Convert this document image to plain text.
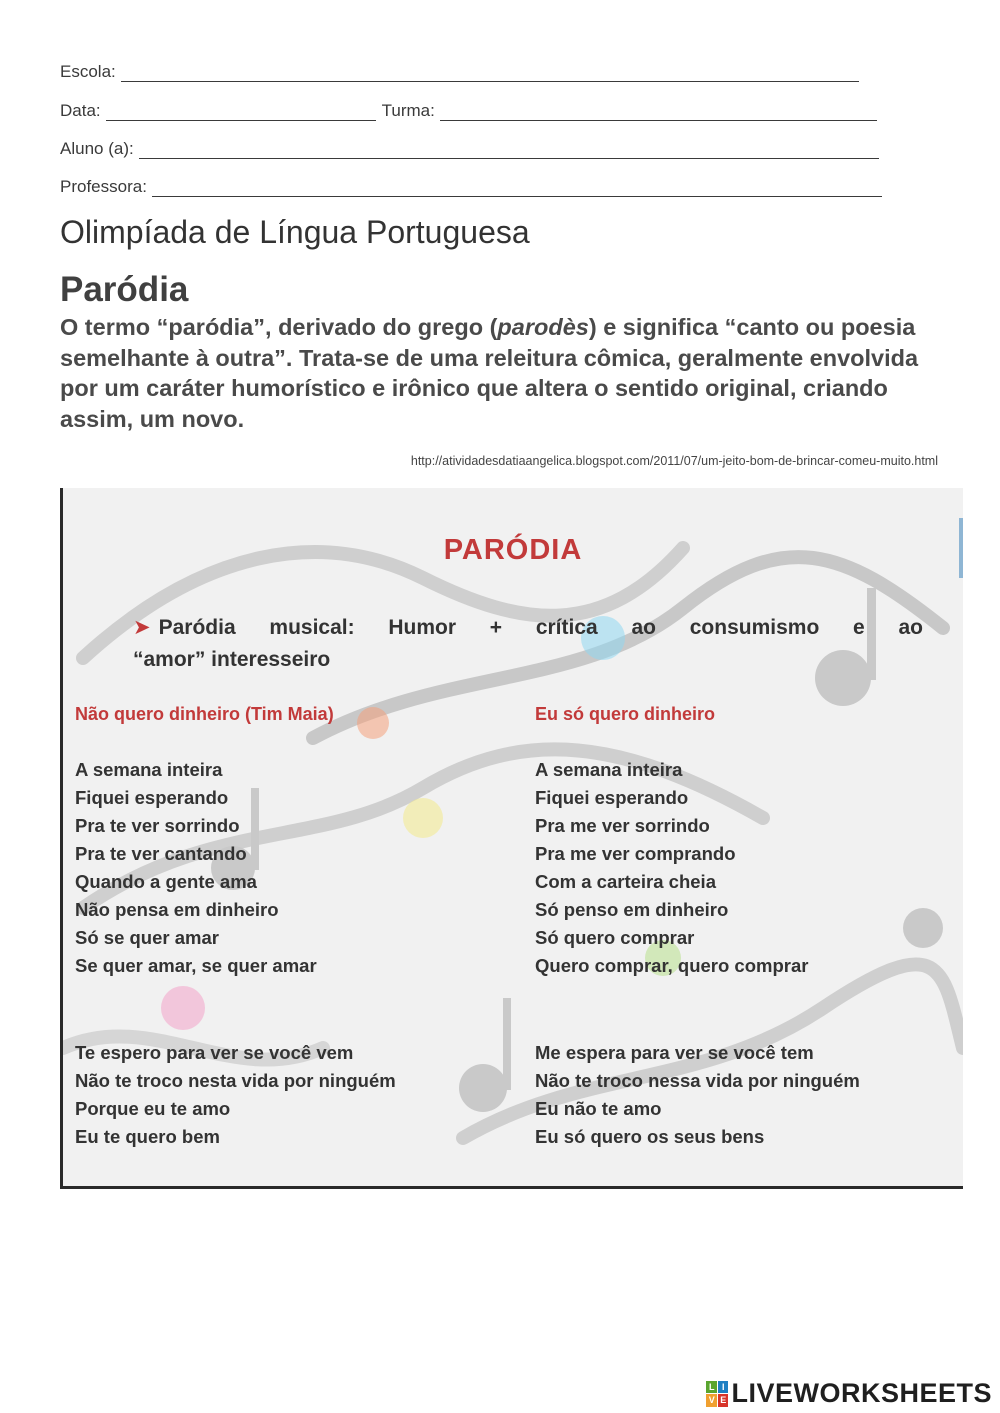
Escola:
Data:	Turma:
Aluno (a):
Professora:
Olimpíada de Língua Portuguesa
Paródia
O termo “paródia”, derivado do grego (parodès) e significa “canto ou poesia semelhante à outra”. Trata-se de uma releitura cômica, geralmente envolvida por um caráter humorístico e irônico que altera o sentido original, criando assim, um novo.
http://atividadesdatiaangelica.blogspot.com/2011/07/um-jeito-bom-de-brincar-comeu-muito.html
PARÓDIA
➤ Paródia musical: Humor + crítica ao consumismo e ao
“amor” interesseiro
Não quero dinheiro (Tim Maia)
A semana inteira
Fiquei esperando
Pra te ver sorrindo
Pra te ver cantando
Quando a gente ama
Não pensa em dinheiro
Só se quer amar
Se quer amar, se quer amar
Te espero para ver se você vem
Não te troco nesta vida por ninguém
Porque eu te amo
Eu te quero bem
Eu só quero dinheiro
A semana inteira
Fiquei esperando
Pra me ver sorrindo
Pra me ver comprando
Com a carteira cheia
Só penso em dinheiro
Só quero comprar
Quero comprar, quero comprar
Me espera para ver se você tem
Não te troco nessa vida por ninguém
Eu não te amo
Eu só quero os seus bens
L I
V E LIVEWORKSHEETS
